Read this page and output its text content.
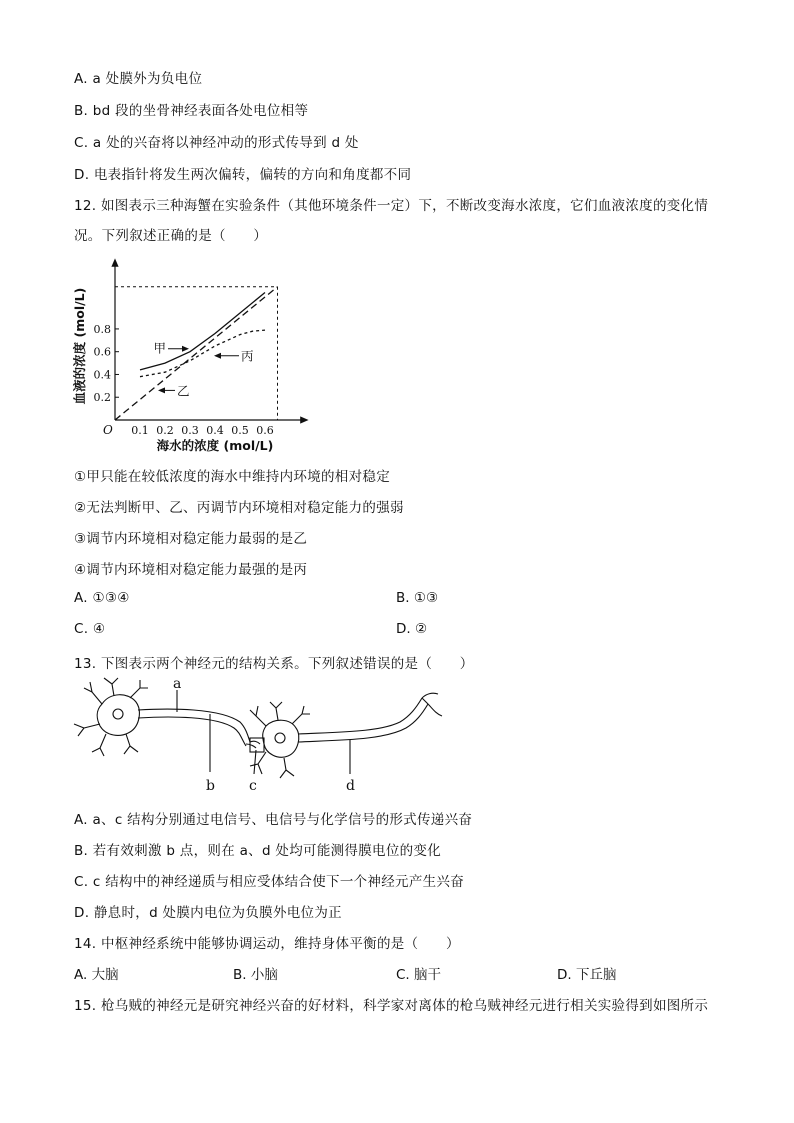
A. a 处膜外为负电位
B. bd 段的坐骨神经表面各处电位相等
C. a 处的兴奋将以神经冲动的形式传导到 d 处
D. 电表指针将发生两次偏转，偏转的方向和角度都不同
12. 如图表示三种海蟹在实验条件（其他环境条件一定）下，不断改变海水浓度，它们血液浓度的变化情
况。下列叙述正确的是（　　）
O 0.1 0.2 0.3 0.4 0.5 0.6
0.2
0.4
0.6
0.8
海水的浓度 (mol/L)
血液的浓度 (mol/L)	甲
丙
乙
①甲只能在较低浓度的海水中维持内环境的相对稳定
②无法判断甲、乙、丙调节内环境相对稳定能力的强弱
③调节内环境相对稳定能力最弱的是乙
④调节内环境相对稳定能力最强的是丙
A. ①③④	B. ①③
C. ④	D. ②
13. 下图表示两个神经元的结构关系。下列叙述错误的是（　　）
a
b c	d
A. a、c 结构分别通过电信号、电信号与化学信号的形式传递兴奋
B. 若有效刺激 b 点，则在 a、d 处均可能测得膜电位的变化
C. c 结构中的神经递质与相应受体结合使下一个神经元产生兴奋
D. 静息时，d 处膜内电位为负膜外电位为正
14. 中枢神经系统中能够协调运动，维持身体平衡的是（　　）
A. 大脑	B. 小脑	C. 脑干	D. 下丘脑
15. 枪乌贼的神经元是研究神经兴奋的好材料，科学家对离体的枪乌贼神经元进行相关实验得到如图所示
